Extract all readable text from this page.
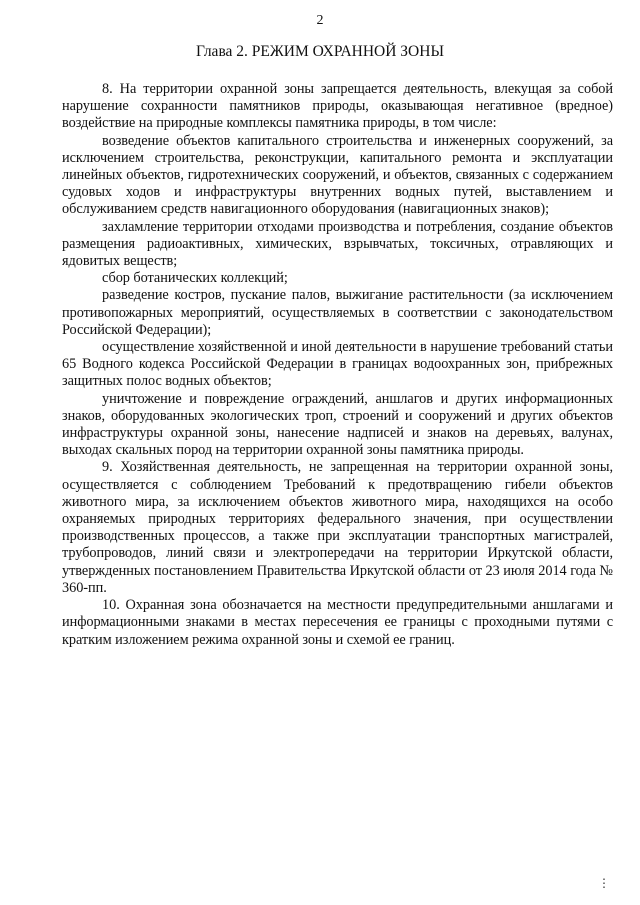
2
Глава 2. РЕЖИМ ОХРАННОЙ ЗОНЫ

8. На территории охранной зоны запрещается деятельность, влекущая за собой нарушение сохранности памятников природы, оказывающая негативное (вредное) воздействие на природные комплексы памятника природы, в том числе:

возведение объектов капитального строительства и инженерных сооружений, за исключением строительства, реконструкции, капитального ремонта и эксплуатации линейных объектов, гидротехнических сооружений, и объектов, связанных с содержанием судовых ходов и инфраструктуры внутренних водных путей, выставлением и обслуживанием средств навигационного оборудования (навигационных знаков);

захламление территории отходами производства и потребления, создание объектов размещения радиоактивных, химических, взрывчатых, токсичных, отравляющих и ядовитых веществ;

сбор ботанических коллекций;

разведение костров, пускание палов, выжигание растительности (за исключением противопожарных мероприятий, осуществляемых в соответствии с законодательством Российской Федерации);

осуществление хозяйственной и иной деятельности в нарушение требований статьи 65 Водного кодекса Российской Федерации в границах водоохранных зон, прибрежных защитных полос водных объектов;

уничтожение и повреждение ограждений, аншлагов и других информационных знаков, оборудованных экологических троп, строений и сооружений и других объектов инфраструктуры охранной зоны, нанесение надписей и знаков на деревьях, валунах, выходах скальных пород на территории охранной зоны памятника природы.

9. Хозяйственная деятельность, не запрещенная на территории охранной зоны, осуществляется с соблюдением Требований к предотвращению гибели объектов животного мира, за исключением объектов животного мира, находящихся на особо охраняемых природных территориях федерального значения, при осуществлении производственных процессов, а также при эксплуатации транспортных магистралей, трубопроводов, линий связи и электропередачи на территории Иркутской области, утвержденных постановлением Правительства Иркутской области от 23 июля 2014 года № 360-пп.

10. Охранная зона обозначается на местности предупредительными аншлагами и информационными знаками в местах пересечения ее границы с проходными путями с кратким изложением режима охранной зоны и схемой ее границ.

⋮
